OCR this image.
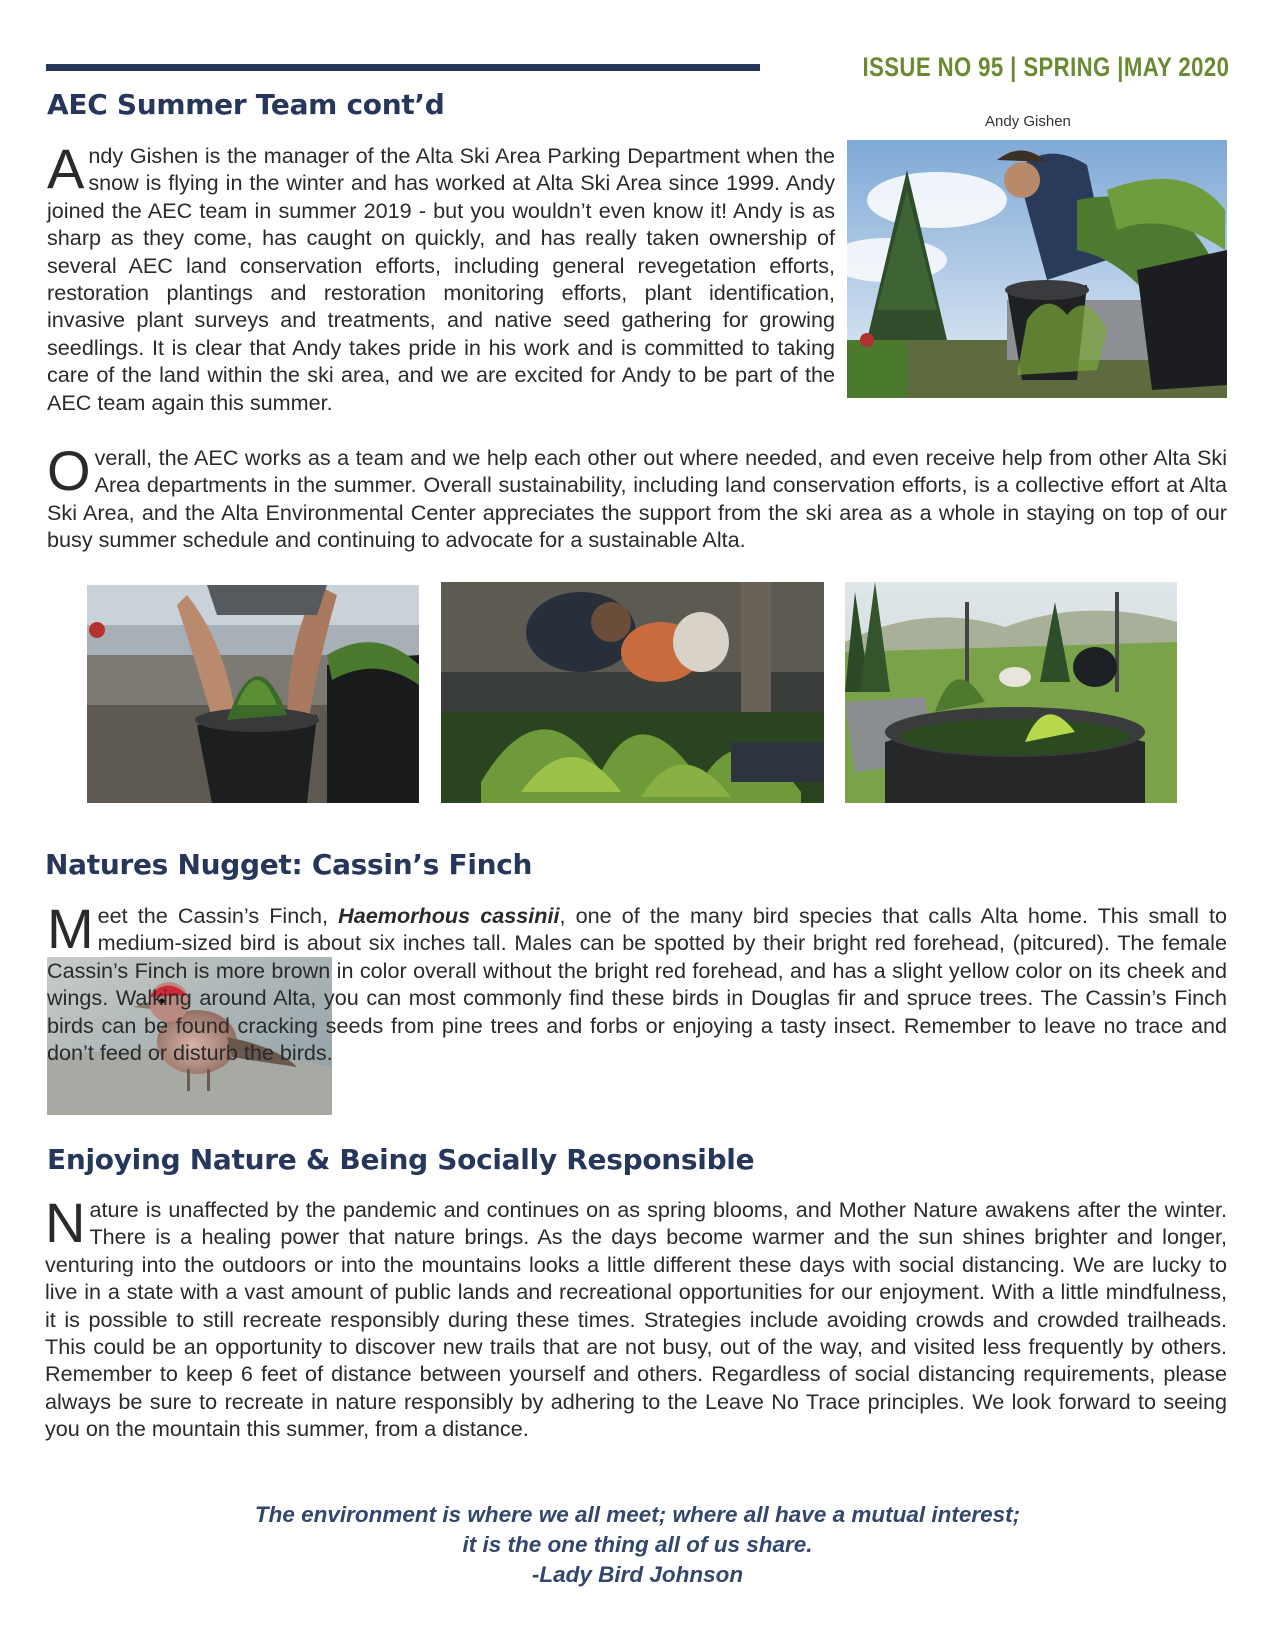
ISSUE NO 95 | SPRING |MAY 2020
AEC Summer Team cont’d
Andy Gishen
Andy Gishen is the manager of the Alta Ski Area Parking Department when the snow is flying in the winter and has worked at Alta Ski Area since 1999. Andy joined the AEC team in summer 2019 - but you wouldn’t even know it! Andy is as sharp as they come, has caught on quickly, and has really taken ownership of several AEC land conservation efforts, including general revegetation efforts, restoration plantings and restoration monitoring efforts, plant identification, invasive plant surveys and treatments, and native seed gathering for growing seedlings. It is clear that Andy takes pride in his work and is committed to taking care of the land within the ski area, and we are excited for Andy to be part of the AEC team again this summer.
Overall, the AEC works as a team and we help each other out where needed, and even receive help from other Alta Ski Area departments in the summer. Overall sustainability, including land conservation efforts, is a collective effort at Alta Ski Area, and the Alta Environmental Center appreciates the support from the ski area as a whole in staying on top of our busy summer schedule and continuing to advocate for a sustainable Alta.
Natures Nugget: Cassin’s Finch
Meet the Cassin’s Finch, Haemorhous cassinii, one of the many bird species that calls Alta home. This small to medium-sized bird is about six inches tall. Males can be spotted by their bright red forehead, (pitcured). The female Cassin’s Finch is more brown in color overall without the bright red forehead, and has a slight yellow color on its cheek and wings. Walking around Alta, you can most commonly find these birds in Douglas fir and spruce trees. The Cassin’s Finch birds can be found cracking seeds from pine trees and forbs or enjoying a tasty insect. Remember to leave no trace and don’t feed or disturb the birds.
Enjoying Nature & Being Socially Responsible
Nature is unaffected by the pandemic and continues on as spring blooms, and Mother Nature awakens after the winter. There is a healing power that nature brings. As the days become warmer and the sun shines brighter and longer, venturing into the outdoors or into the mountains looks a little different these days with social distancing. We are lucky to live in a state with a vast amount of public lands and recreational opportunities for our enjoyment. With a little mindfulness, it is possible to still recreate responsibly during these times. Strategies include avoiding crowds and crowded trailheads. This could be an opportunity to discover new trails that are not busy, out of the way, and visited less frequently by others. Remember to keep 6 feet of distance between yourself and others. Regardless of social distancing requirements, please always be sure to recreate in nature responsibly by adhering to the Leave No Trace principles. We look forward to seeing you on the mountain this summer, from a distance.
The environment is where we all meet; where all have a mutual interest;
it is the one thing all of us share.
-Lady Bird Johnson
